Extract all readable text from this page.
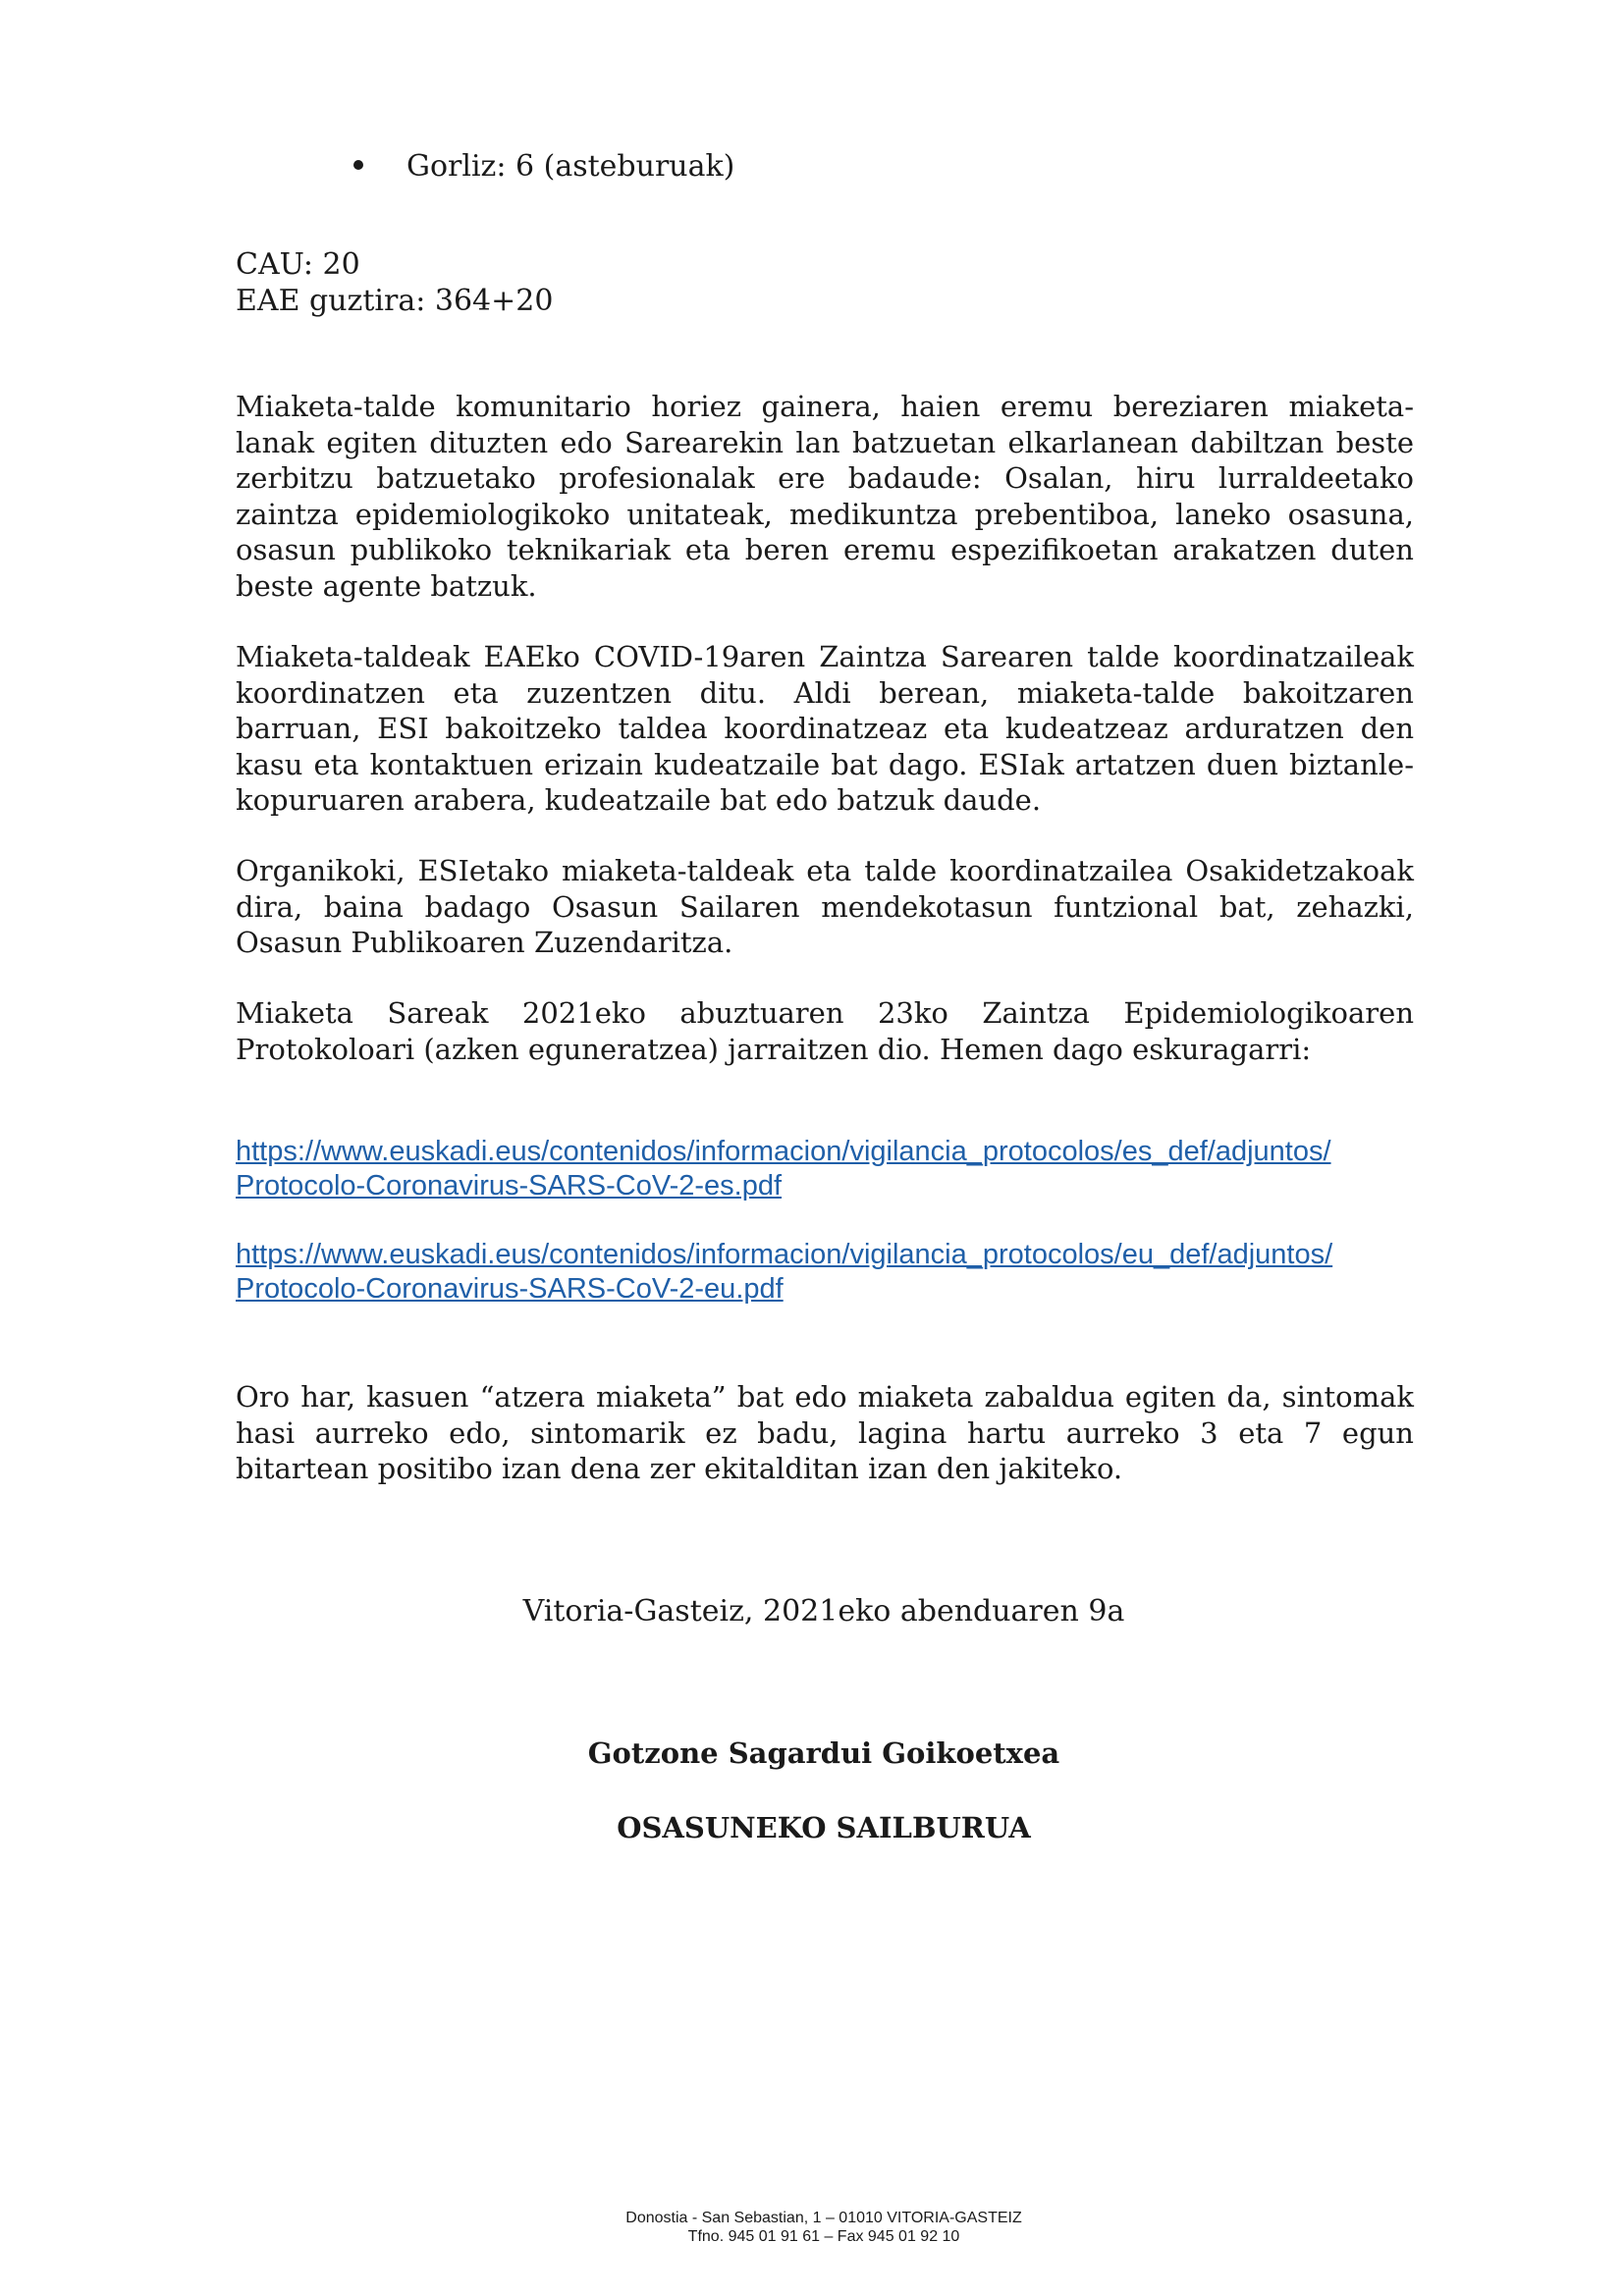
Gorliz: 6 (asteburuak)

CAU: 20

EAE guztira: 364+20

Miaketa-talde komunitario horiez gainera, haien eremu bereziaren miaketa-lanak egiten dituzten edo Sarearekin lan batzuetan elkarlanean dabiltzan beste zerbitzu batzuetako profesionalak ere badaude: Osalan, hiru lurraldeetako zaintza epidemiologikoko unitateak, medikuntza prebentiboa, laneko osasuna, osasun publikoko teknikariak eta beren eremu espezifikoetan arakatzen duten beste agente batzuk.

Miaketa-taldeak EAEko COVID-19aren Zaintza Sarearen talde koordinatzaileak koordinatzen eta zuzentzen ditu. Aldi berean, miaketa-talde bakoitzaren barruan, ESI bakoitzeko taldea koordinatzeaz eta kudeatzeaz arduratzen den kasu eta kontaktuen erizain kudeatzaile bat dago. ESIak artatzen duen biztanle-kopuruaren arabera, kudeatzaile bat edo batzuk daude.

Organikoki, ESIetako miaketa-taldeak eta talde koordinatzailea Osakidetzakoak dira, baina badago Osasun Sailaren mendekotasun funtzional bat, zehazki, Osasun Publikoaren Zuzendaritza.

Miaketa Sareak 2021eko abuztuaren 23ko Zaintza Epidemiologikoaren Protokoloari (azken eguneratzea) jarraitzen dio. Hemen dago eskuragarri:

https://www.euskadi.eus/contenidos/informacion/vigilancia_protocolos/es_def/adjuntos/
Protocolo-Coronavirus-SARS-CoV-2-es.pdf
https://www.euskadi.eus/contenidos/informacion/vigilancia_protocolos/eu_def/adjuntos/
Protocolo-Coronavirus-SARS-CoV-2-eu.pdf

Oro har, kasuen “atzera miaketa” bat edo miaketa zabaldua egiten da, sintomak hasi aurreko edo, sintomarik ez badu, lagina hartu aurreko 3 eta 7 egun bitartean positibo izan dena zer ekitalditan izan den jakiteko.

Vitoria-Gasteiz, 2021eko abenduaren 9a

Gotzone Sagardui Goikoetxea

OSASUNEKO SAILBURUA

Donostia - San Sebastian, 1 – 01010 VITORIA-GASTEIZ
Tfno. 945 01 91 61 – Fax 945 01 92 10
